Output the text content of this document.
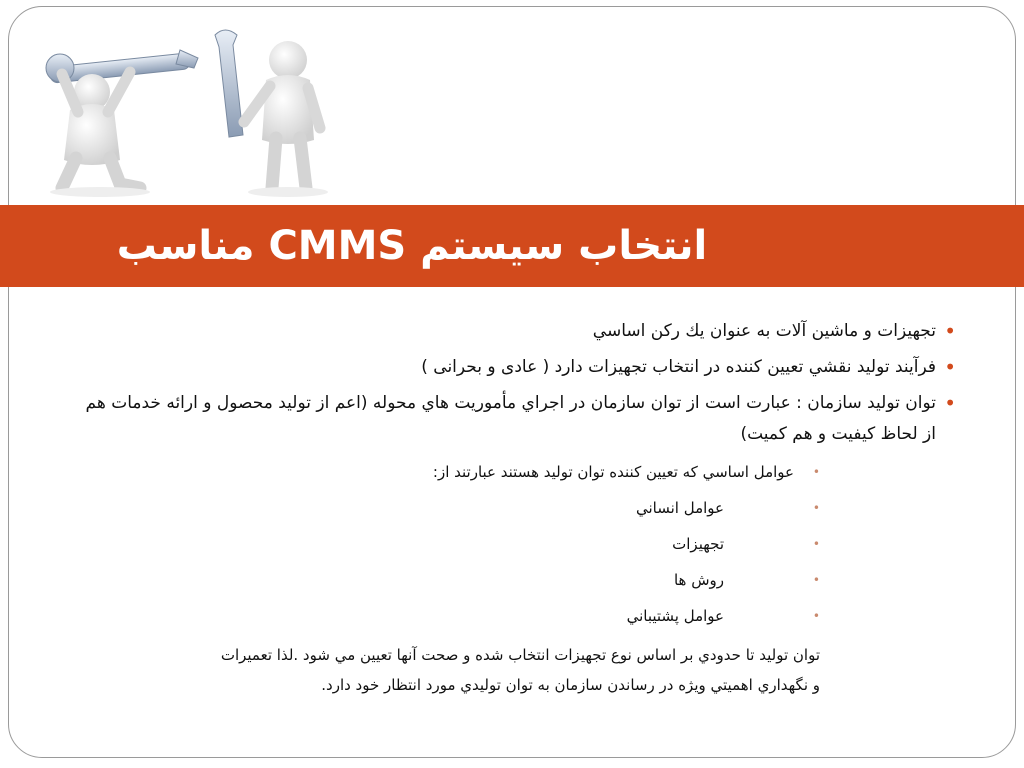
انتخاب سيستم CMMS مناسب
•
تجهيزات و ماشين آلات به عنوان يك ركن اساسي
•
فرآيند توليد نقشي تعيين كننده در انتخاب تجهيزات دارد ( عادی و بحرانی )
•
توان توليد سازمان : عبارت است از توان سازمان در اجراي مأموريت هاي محوله (اعم از توليد محصول و ارائه خدمات هم از لحاظ كيفيت و هم كميت)
•
عوامل اساسي كه تعيين كننده توان توليد هستند عبارتند از:
•
عوامل انساني
•
تجهيزات
•
روش ها
•
عوامل پشتيباني
توان توليد تا حدودي بر اساس نوع تجهيزات انتخاب شده و صحت آنها تعيين مي شود .لذا تعميرات و نگهداري اهميتي ويژه در رساندن سازمان به توان توليدي مورد انتظار خود دارد.
